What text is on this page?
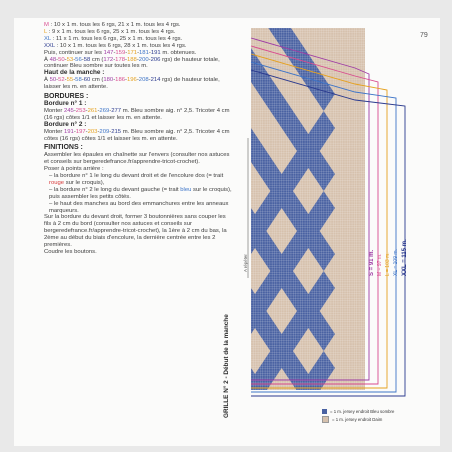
79

M : 10 x 1 m. tous les 6 rgs, 21 x 1 m. tous les 4 rgs.

L : 9 x 1 m. tous les 6 rgs, 25 x 1 m. tous les 4 rgs.

XL : 11 x 1 m. tous les 6 rgs, 25 x 1 m. tous les 4 rgs.

XXL : 10 x 1 m. tous les 6 rgs, 28 x 1 m. tous les 4 rgs.

Puis, continuer sur les 147-159-171-181-191 m. obtenues.

À 48-50-53-56-58 cm (172-178-188-200-206 rgs) de hauteur totale, continuer Bleu sombre sur toutes les m.

Haut de la manche :

À 50-52-55-58-60 cm (180-186-196-208-214 rgs) de hauteur totale, laisser les m. en attente.

BORDURES :

Bordure n° 1 :

Monter 245-253-261-269-277 m. Bleu sombre aig. n° 2,5. Tricoter 4 cm (16 rgs) côtes 1/1 et laisser les m. en attente.

Bordure n° 2 :

Monter 191-197-203-209-215 m. Bleu sombre aig. n° 2,5. Tricoter 4 cm côtes (16 rgs) côtes 1/1 et laisser les m. en attente.

FINITIONS :

Assembler les épaules en chaînette sur l'envers (consulter nos astuces et conseils sur bergeredefrance.fr/apprendre-tricot-crochet).

Poser à points arrière :

– la bordure n° 1 le long du devant droit et de l'encolure dos (= trait rouge sur le croquis),

– la bordure n° 2 le long du devant gauche (= trait bleu sur le croquis), puis assembler les petits côtés.

– le haut des manches au bord des emmanchures entre les anneaux marqueurs.

Sur la bordure du devant droit, former 3 boutonnières sans couper les fils à 2 cm du bord (consulter nos astuces et conseils sur bergeredefrance.fr/apprendre-tricot-crochet), la 1ère à 2 cm du bas, la 2ème au début du biais d'encolure, la dernière centrée entre les 2 premières.

Coudre les boutons.

GRILLE N° 2 - Début de la manche
A répéter	S = 91 m. M = 97 m. L = 103 m. XL = 109 m. XXL = 115 m.
= 1 m. jersey endroit Bleu sombre
= 1 m. jersey endroit Daim
